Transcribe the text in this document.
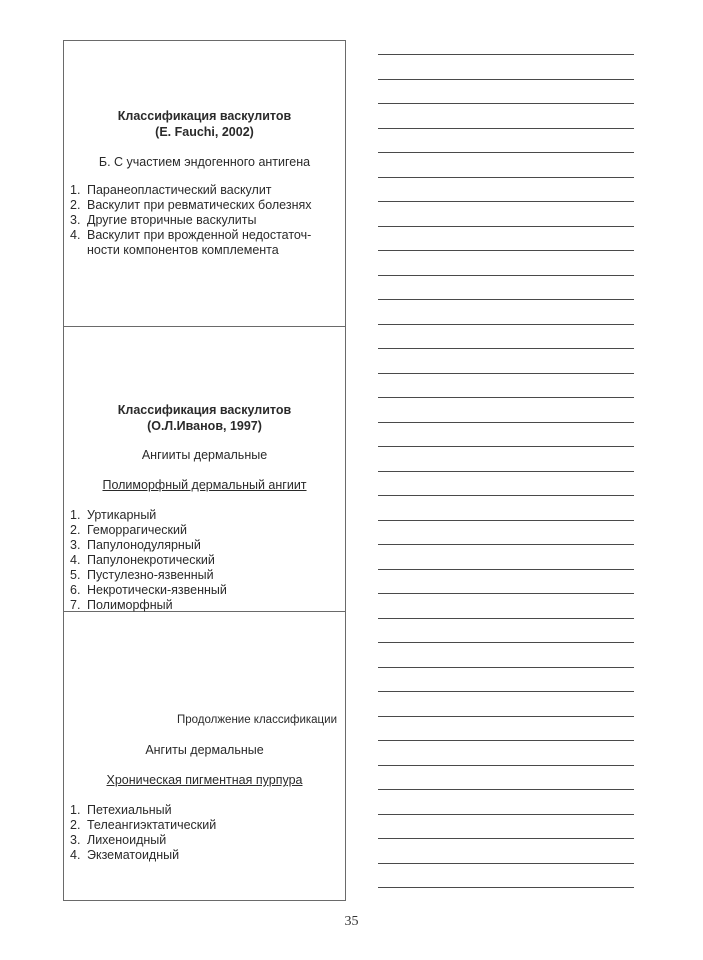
Классификация васкулитов
(E. Fauchi, 2002)
Б. С участием эндогенного антигена
1. Паранеопластический васкулит
2. Васкулит при ревматических болезнях
3. Другие вторичные васкулиты
4. Васкулит при врожденной недостаточ-ности компонентов комплемента
Классификация васкулитов
(О.Л.Иванов, 1997)
Ангииты дермальные
Полиморфный дермальный ангиит
1. Уртикарный
2. Геморрагический
3. Папулонодулярный
4. Папулонекротический
5. Пустулезно-язвенный
6. Некротически-язвенный
7. Полиморфный
Продолжение классификации
Ангиты дермальные
Хроническая пигментная пурпура
1. Петехиальный
2. Телеангиэктатический
3. Лихеноидный
4. Экзематоидный
35
